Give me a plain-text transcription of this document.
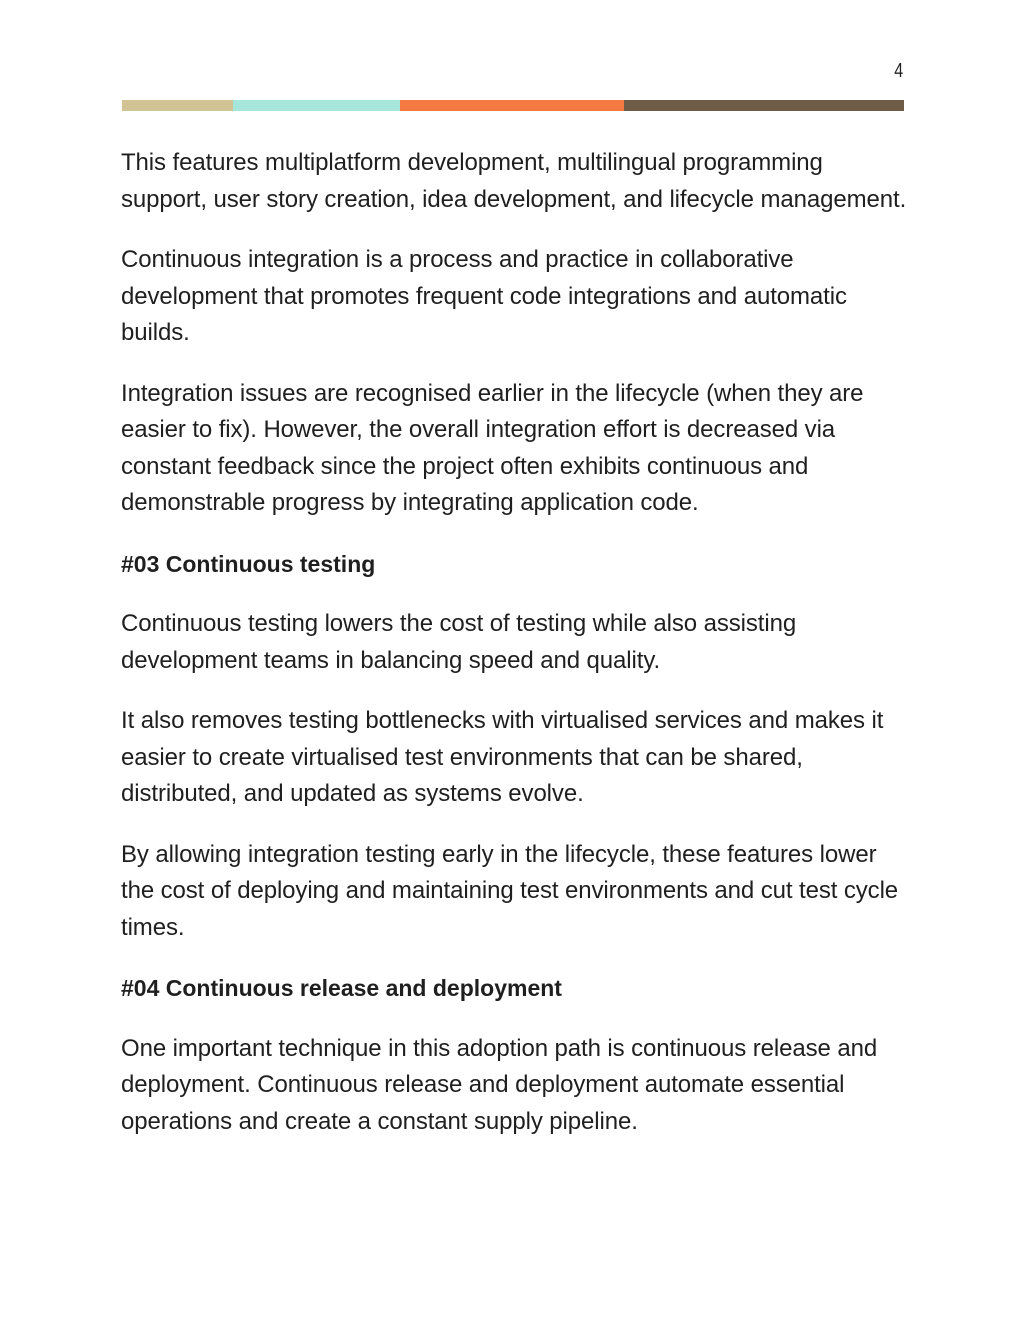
4

This features multiplatform development, multilingual programming support, user story creation, idea development, and lifecycle management.

Continuous integration is a process and practice in collaborative development that promotes frequent code integrations and automatic builds.

Integration issues are recognised earlier in the lifecycle (when they are easier to fix). However, the overall integration effort is decreased via constant feedback since the project often exhibits continuous and demonstrable progress by integrating application code.

#03 Continuous testing

Continuous testing lowers the cost of testing while also assisting development teams in balancing speed and quality.

It also removes testing bottlenecks with virtualised services and makes it easier to create virtualised test environments that can be shared, distributed, and updated as systems evolve.

By allowing integration testing early in the lifecycle, these features lower the cost of deploying and maintaining test environments and cut test cycle times.

#04 Continuous release and deployment

One important technique in this adoption path is continuous release and deployment. Continuous release and deployment automate essential operations and create a constant supply pipeline.
